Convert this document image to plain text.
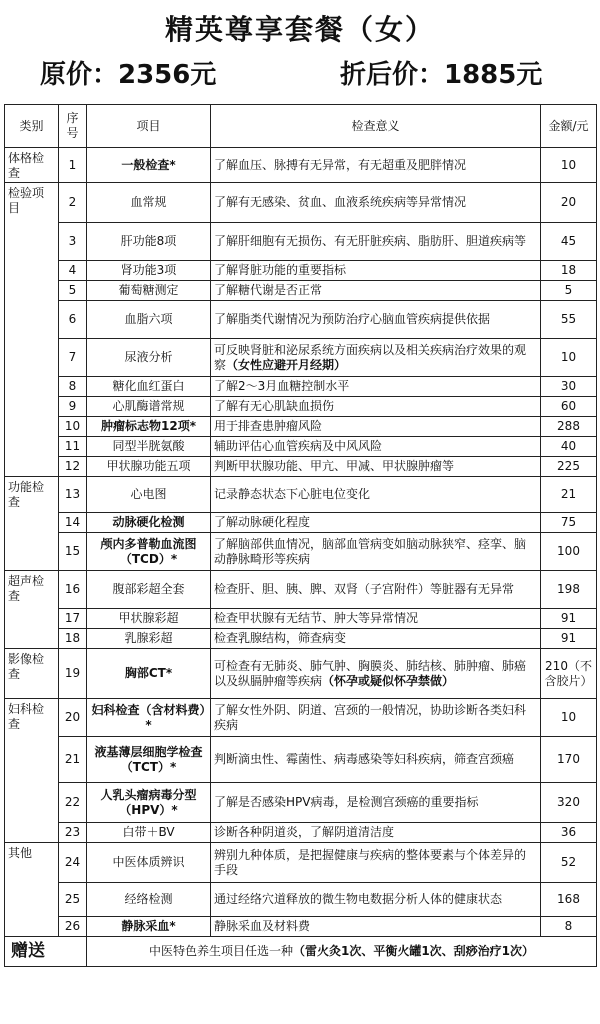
精英尊享套餐（女）
原价：2356元	折后价：1885元
类别	序号	项目	检查意义	金额/元
体格检查	1	一般检查*	了解血压、脉搏有无异常，有无超重及肥胖情况	10
检验项目	2	血常规	了解有无感染、贫血、血液系统疾病等异常情况	20
	3	肝功能8项	了解肝细胞有无损伤、有无肝脏疾病、脂肪肝、胆道疾病等	45
	4	肾功能3项	了解肾脏功能的重要指标	18
	5	葡萄糖测定	了解糖代谢是否正常	5
	6	血脂六项	了解脂类代谢情况为预防治疗心脑血管疾病提供依据	55
	7	尿液分析	可反映肾脏和泌尿系统方面疾病以及相关疾病治疗效果的观察（女性应避开月经期）	10
	8	糖化血红蛋白	了解2～3月血糖控制水平	30
	9	心肌酶谱常规	了解有无心肌缺血损伤	60
	10	肿瘤标志物12项*	用于排查患肿瘤风险	288
	11	同型半胱氨酸	辅助评估心血管疾病及中风风险	40
	12	甲状腺功能五项	判断甲状腺功能、甲亢、甲减、甲状腺肿瘤等	225
功能检查	13	心电图	记录静态状态下心脏电位变化	21
	14	动脉硬化检测	了解动脉硬化程度	75
	15	颅内多普勒血流图（TCD）*	了解脑部供血情况，脑部血管病变如脑动脉狭窄、痉挛、脑动静脉畸形等疾病	100
超声检查	16	腹部彩超全套	检查肝、胆、胰、脾、双肾（子宫附件）等脏器有无异常	198
	17	甲状腺彩超	检查甲状腺有无结节、肿大等异常情况	91
	18	乳腺彩超	检查乳腺结构，筛查病变	91
影像检查	19	胸部CT*	可检查有无肺炎、肺气肿、胸膜炎、肺结核、肺肿瘤、肺癌以及纵膈肿瘤等疾病（怀孕或疑似怀孕禁做）	210（不含胶片）
妇科检查	20	妇科检查（含材料费）*	了解女性外阴、阴道、宫颈的一般情况，协助诊断各类妇科疾病	10
	21	液基薄层细胞学检查（TCT）*	判断滴虫性、霉菌性、病毒感染等妇科疾病，筛查宫颈癌	170
	22	人乳头瘤病毒分型（HPV）*	了解是否感染HPV病毒，是检测宫颈癌的重要指标	320
	23	白带＋BV	诊断各种阴道炎，了解阴道清洁度	36
其他	24	中医体质辨识	辨别九种体质，是把握健康与疾病的整体要素与个体差异的手段	52
	25	经络检测	通过经络穴道释放的微生物电数据分析人体的健康状态	168
	26	静脉采血*	静脉采血及材料费	8
赠送		中医特色养生项目任选一种（雷火灸1次、平衡火罐1次、刮痧治疗1次）		
